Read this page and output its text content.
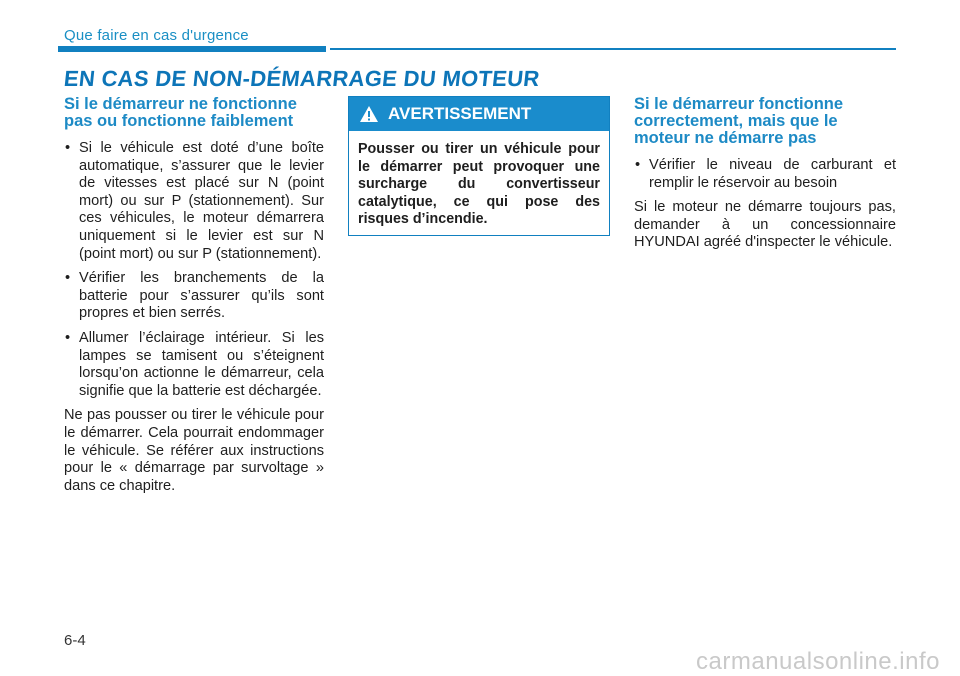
Que faire en cas d'urgence
EN CAS DE NON-DÉMARRAGE DU MOTEUR
Si le démarreur ne fonctionne pas ou fonctionne faiblement
• Si le véhicule est doté d’une boîte automatique, s’assurer que le levier de vitesses est placé sur N (point mort) ou sur P (stationnement). Sur ces véhicules, le moteur démarrera uniquement si le levier est sur N (point mort) ou sur P (stationnement).
• Vérifier les branchements de la batterie pour s’assurer qu’ils sont propres et bien serrés.
• Allumer l’éclairage intérieur. Si les lampes se tamisent ou s’éteignent lorsqu’on actionne le démarreur, cela signifie que la batterie est déchargée.

Ne pas pousser ou tirer le véhicule pour le démarrer. Cela pourrait endommager le véhicule. Se référer aux instructions pour le « démarrage par survoltage » dans ce chapitre.

AVERTISSEMENT
Pousser ou tirer un véhicule pour le démarrer peut provoquer une surcharge du convertisseur catalytique, ce qui pose des risques d’incendie.
Si le démarreur fonctionne correctement, mais que le moteur ne démarre pas
• Vérifier le niveau de carburant et remplir le réservoir au besoin

Si le moteur ne démarre toujours pas, demander à un concessionnaire HYUNDAI agréé d'inspecter le véhicule.

6-4
carmanualsonline.info
